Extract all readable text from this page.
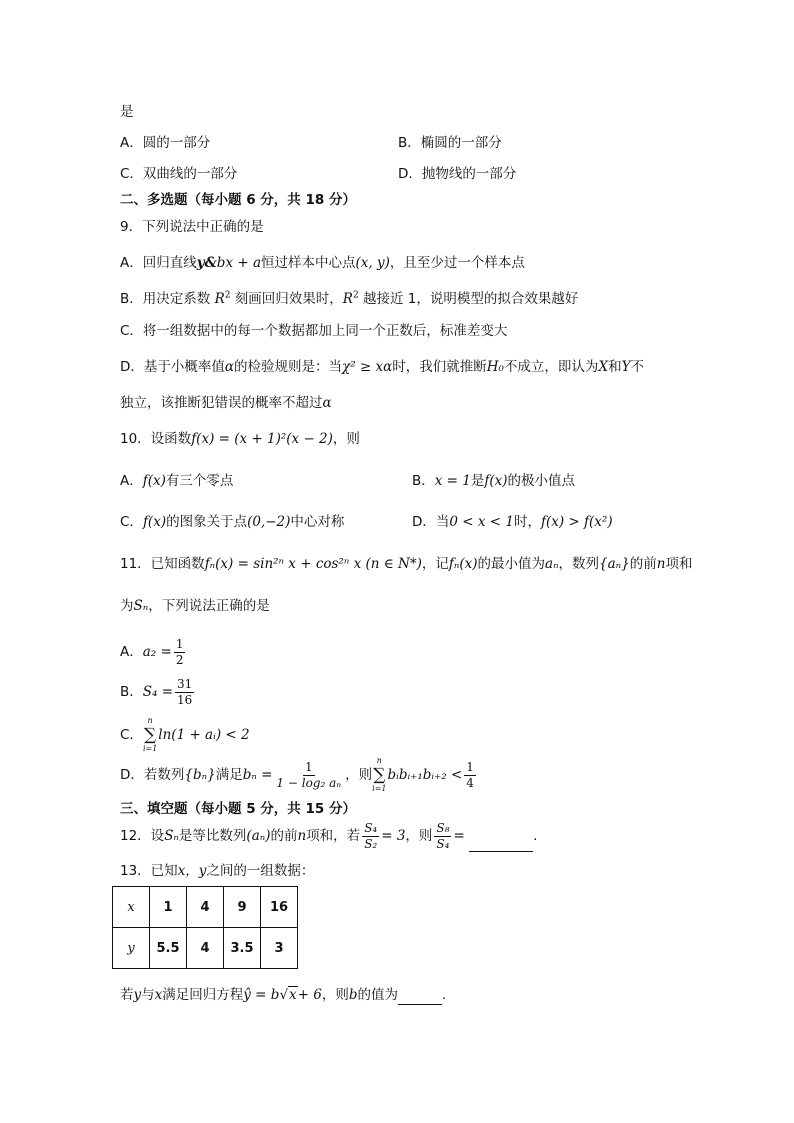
是
A．圆的一部分	B．椭圆的一部分
C．双曲线的一部分	D．抛物线的一部分
二、多选题（每小题 6 分，共 18 分）
9．下列说法中正确的是
A．回归直线y&bx + a恒过样本中心点(x, y)，且至少过一个样本点
B．用决定系数 $R^2$ 刻画回归效果时，$R^2$ 越接近 1，说明模型的拟合效果越好
C．将一组数据中的每一个数据都加上同一个正数后，标准差变大
D．基于小概率值α的检验规则是：当χ² ≥ xα时，我们就推断H₀不成立，即认为X和Y不
独立，该推断犯错误的概率不超过α
10．设函数f(x) = (x + 1)²(x − 2)，则
A．f(x)有三个零点	B．x = 1是f(x)的极小值点
C．f(x)的图象关于点(0,−2)中心对称	D．当0 < x < 1时，f(x) > f(x²)
11．已知函数fₙ(x) = sin²ⁿ x + cos²ⁿ x (n ∈ N*)，记fₙ(x)的最小值为aₙ，数列{aₙ}的前n项和
为Sₙ，下列说法正确的是
A．$a_2 = \frac{1}{2}$
B．$S_4 = \frac{31}{16}$
C．
n
∑
i=1
ln(1 + aᵢ) < 2
D．若数列{bₙ}满足$b_n = \frac{1}{\text{1 − log₂ aₙ}}$ ，则
n
∑
i=1
bᵢbᵢ₊₁bᵢ₊₂ < $\frac{1}{4}$
三、填空题（每小题 5 分，共 15 分）
12．设Sₙ是等比数列(aₙ)的前n项和，若 $\frac{\text{S₄}}{\text{S₂}} = 3$，则 $\frac{\text{S₈}}{\text{S₄}}$ =	.
13．已知x，y之间的一组数据：
x	1	4	9	16
y	5.5	4	3.5	3
若y与x满足回归方程ŷ = b√x+ 6，则b的值为	.
